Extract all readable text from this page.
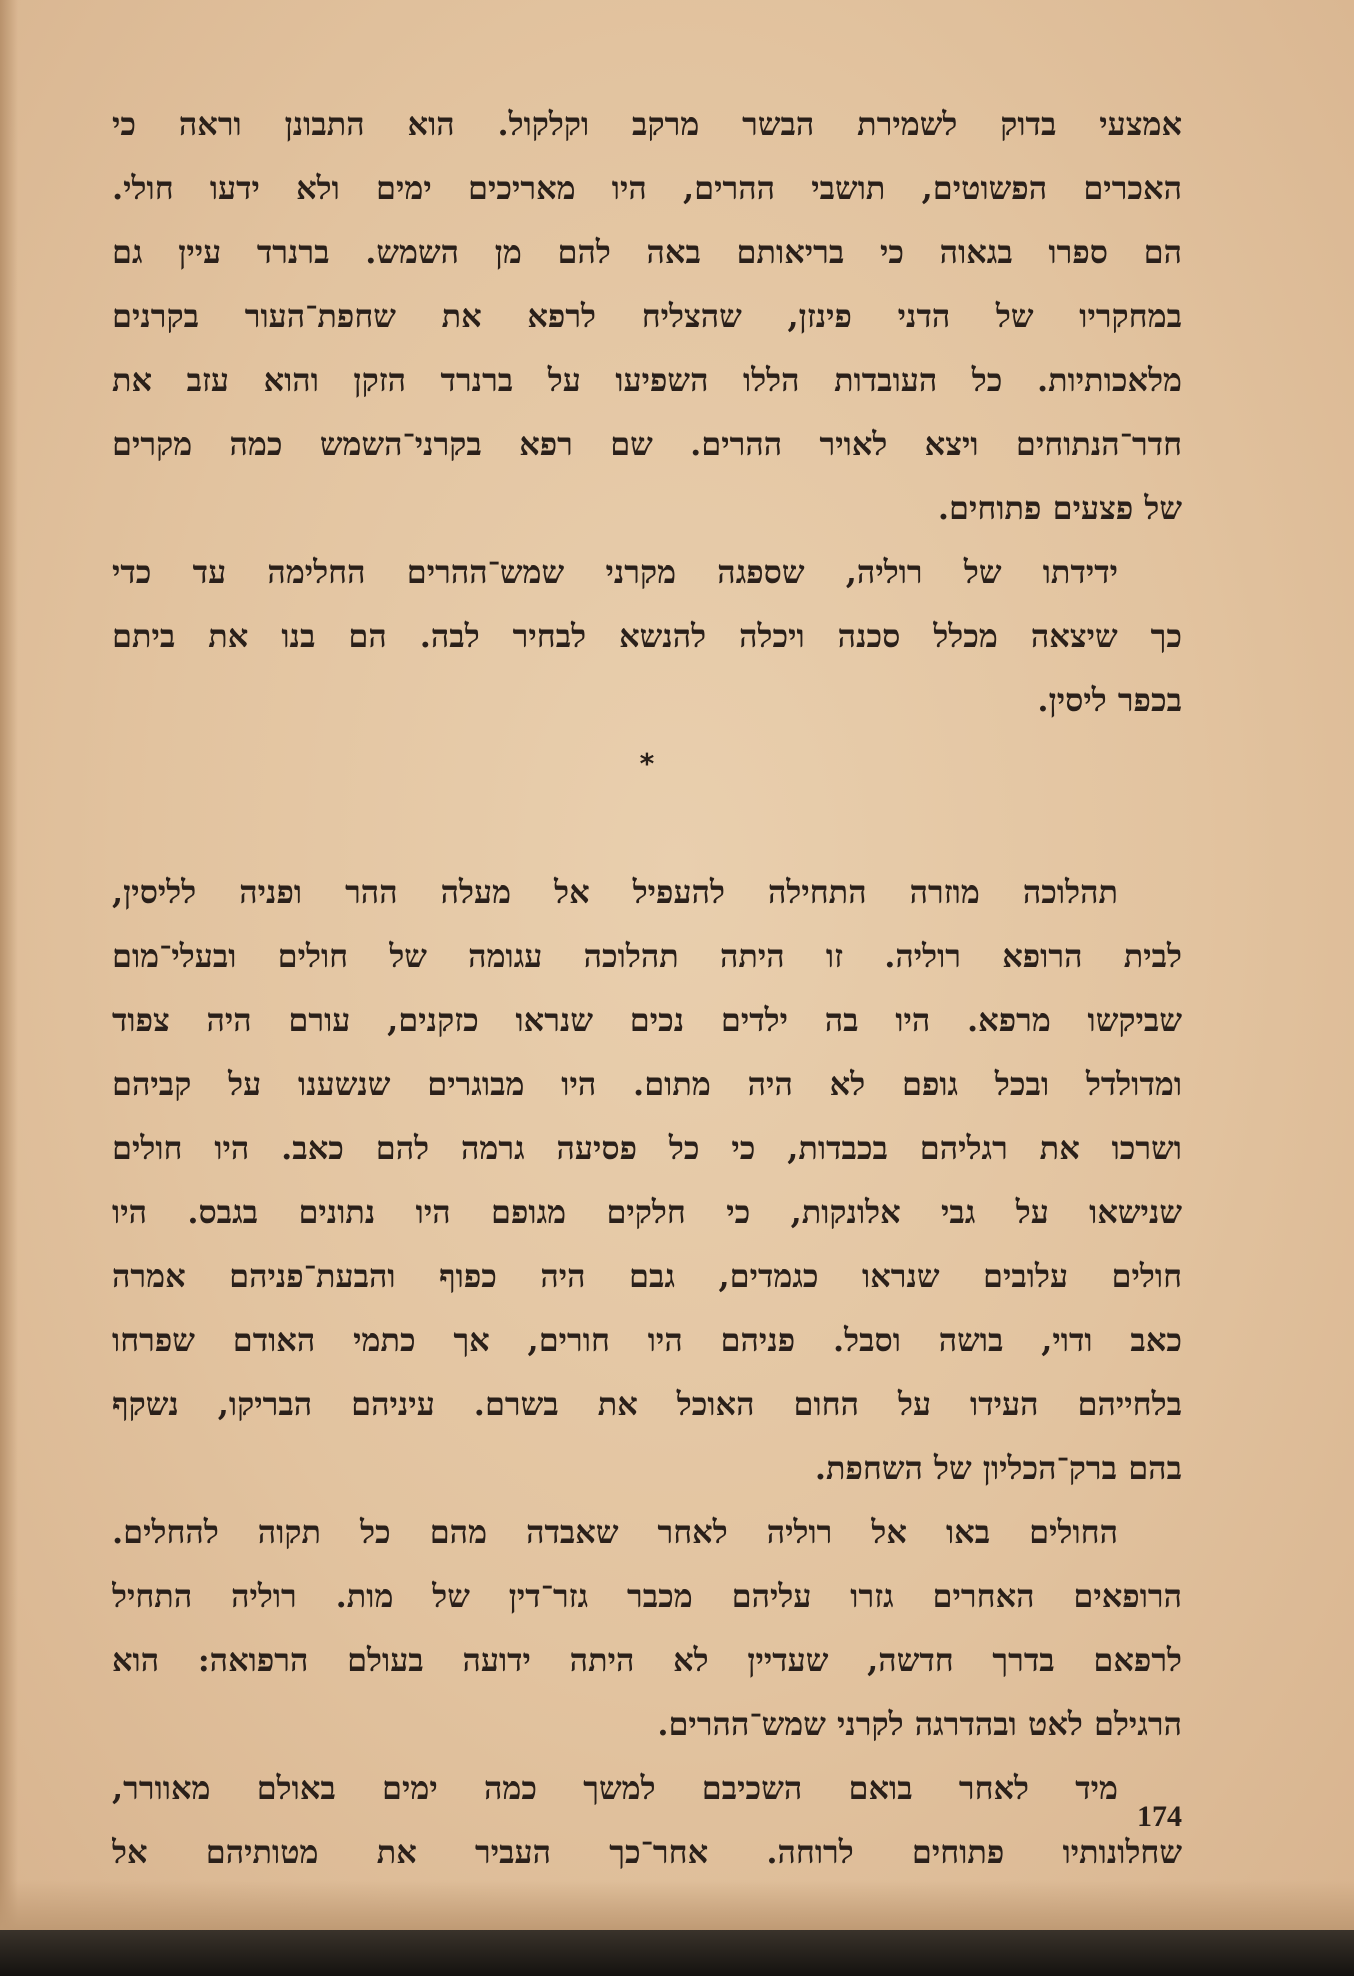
אמצעי בדוק לשמירת הבשר מרקב וקלקול. הוא התבונן וראה כי
האכרים הפשוטים, תושבי ההרים, היו מאריכים ימים ולא ידעו חולי.
הם ספרו בגאוה כי בריאותם באה להם מן השמש. ברנרד עיין גם
במחקריו של הדני פינזן, שהצליח לרפא את שחפת־העור בקרנים
מלאכותיות. כל העובדות הללו השפיעו על ברנרד הזקן והוא עזב את
חדר־הנתוחים ויצא לאויר ההרים. שם רפא בקרני־השמש כמה מקרים
של פצעים פתוחים.
ידידתו של רוליה, שספגה מקרני שמש־ההרים החלימה עד כדי
כך שיצאה מכלל סכנה ויכלה להנשא לבחיר לבה. הם בנו את ביתם
בכפר ליסין.
*
תהלוכה מוזרה התחילה להעפיל אל מעלה ההר ופניה לליסין,
לבית הרופא רוליה. זו היתה תהלוכה עגומה של חולים ובעלי־מום
שביקשו מרפא. היו בה ילדים נכים שנראו כזקנים, עורם היה צפוד
ומדולדל ובכל גופם לא היה מתום. היו מבוגרים שנשענו על קביהם
ושרכו את רגליהם בכבדות, כי כל פסיעה גרמה להם כאב. היו חולים
שנישאו על גבי אלונקות, כי חלקים מגופם היו נתונים בגבס. היו
חולים עלובים שנראו כגמדים, גבם היה כפוף והבעת־פניהם אמרה
כאב ודוי, בושה וסבל. פניהם היו חורים, אך כתמי האודם שפרחו
בלחייהם העידו על החום האוכל את בשרם. עיניהם הבריקו, נשקף
בהם ברק־הכליון של השחפת.
החולים באו אל רוליה לאחר שאבדה מהם כל תקוה להחלים.
הרופאים האחרים גזרו עליהם מכבר גזר־דין של מות. רוליה התחיל
לרפאם בדרך חדשה, שעדיין לא היתה ידועה בעולם הרפואה: הוא
הרגילם לאט ובהדרגה לקרני שמש־ההרים.
מיד לאחר בואם השכיבם למשך כמה ימים באולם מאוורר,
שחלונותיו פתוחים לרוחה. אחר־כך העביר את מטותיהם אל
174
